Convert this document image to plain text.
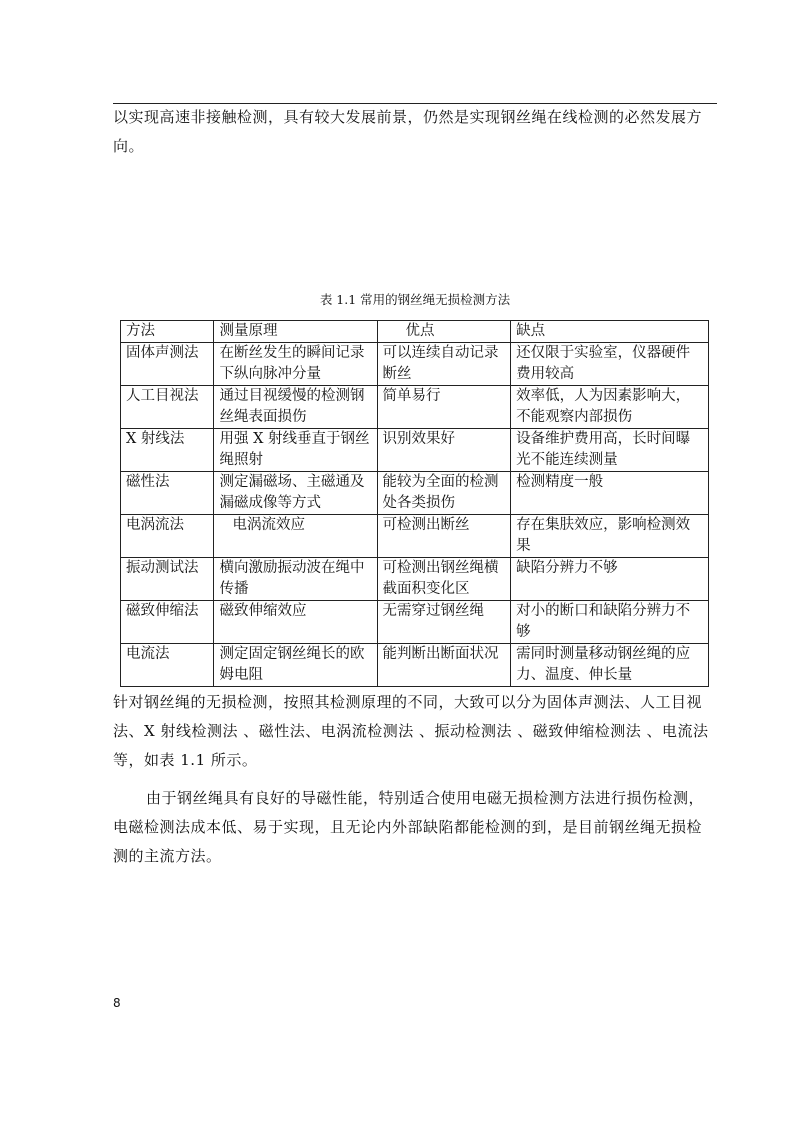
以实现高速非接触检测，具有较大发展前景，仍然是实现钢丝绳在线检测的必然发展方向。
表 1.1 常用的钢丝绳无损检测方法
方法	测量原理	优点	缺点
固体声测法	在断丝发生的瞬间记录下纵向脉冲分量	可以连续自动记录断丝	还仅限于实验室，仪器硬件费用较高
人工目视法	通过目视缓慢的检测钢丝绳表面损伤	简单易行	效率低，人为因素影响大，不能观察内部损伤
X 射线法	用强 X 射线垂直于钢丝绳照射	识别效果好	设备维护费用高，长时间曝光不能连续测量
磁性法	测定漏磁场、主磁通及漏磁成像等方式	能较为全面的检测处各类损伤	检测精度一般
电涡流法	电涡流效应	可检测出断丝	存在集肤效应，影响检测效果
振动测试法	横向激励振动波在绳中传播	可检测出钢丝绳横截面积变化区	缺陷分辨力不够
磁致伸缩法	磁致伸缩效应	无需穿过钢丝绳	对小的断口和缺陷分辨力不够
电流法	测定固定钢丝绳长的欧姆电阻	能判断出断面状况	需同时测量移动钢丝绳的应力、温度、伸长量
针对钢丝绳的无损检测，按照其检测原理的不同，大致可以分为固体声测法、人工目视法、X 射线检测法 、磁性法、电涡流检测法 、振动检测法 、磁致伸缩检测法 、电流法等，如表 1.1 所示。
由于钢丝绳具有良好的导磁性能，特别适合使用电磁无损检测方法进行损伤检测，电磁检测法成本低、易于实现，且无论内外部缺陷都能检测的到，是目前钢丝绳无损检测的主流方法。
8
